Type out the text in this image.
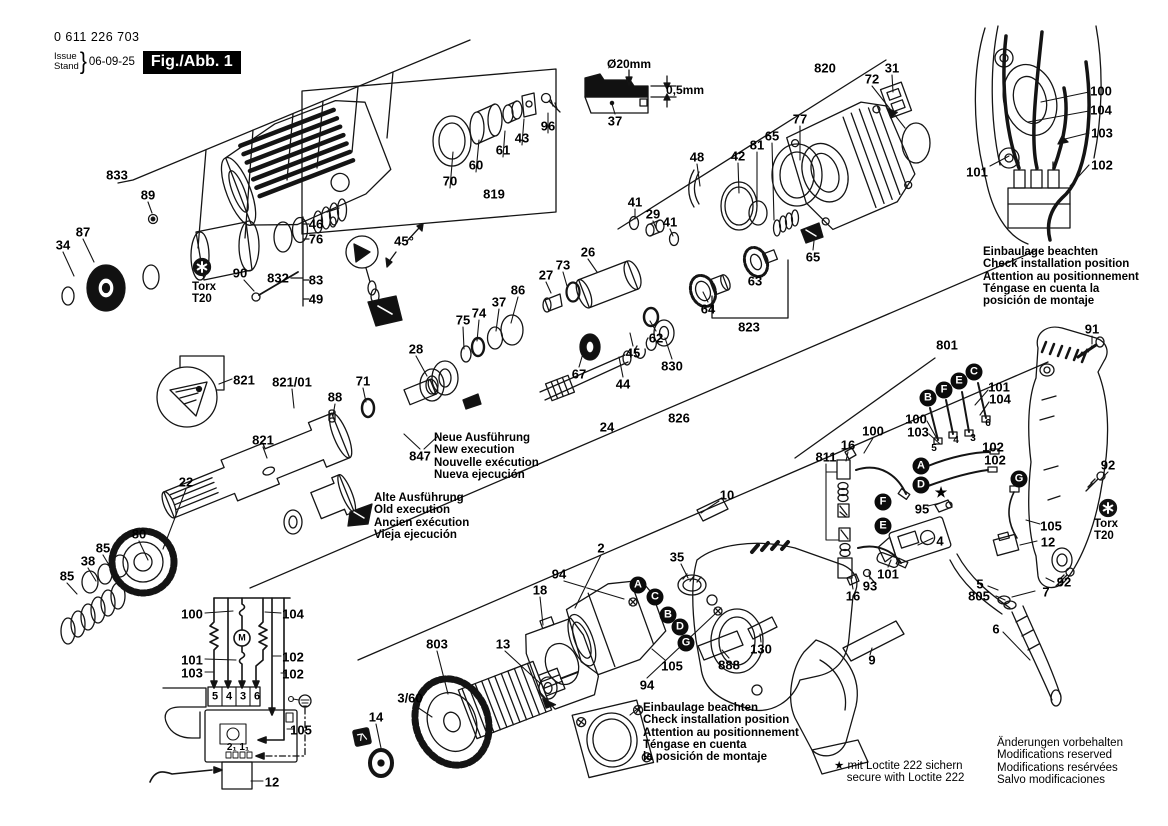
833
89
87
34
90 832
46
76
83
49
45°
70
60
61
43
96
819
37
Ø20mm
0,5mm
48 42
81
65
77
820
72
31
41
29
41
26
73
27
86
37
74
75
28
63
64
65
823
62
830
45
67
44
24
826
821 821/01
88
71
821
847
22
80
85
38
85
91
801
100
103
101
104
102
102
95
16
100
811
4
101
93
16
105
12
92
92
5
805	7
6
10
2
35
18
94
803	13
3/60
14
94
105	888
130
9
★
100
104
103
102
101
100	104
101
103
102
102
105
12
M
5 4 3 6
2₁ 1₁
5
4 3
6
A
C
B
D
G
B
F
E
C
A
D
F
E
G
Einbaulage beachten
Check installation position
Attention au positionnement
Téngase en cuenta la
posición de montaje
Neue Ausführung
New execution
Nouvelle exécution
Nueva ejecución
Alte Ausführung
Old execution
Ancien exécution
Vieja ejecución
Einbaulage beachten
Check installation position
Attention au positionnement
Téngase en cuenta
la posición de montaje
★ mit Loctite 222 sichern
secure with Loctite 222
Änderungen vorbehalten
Modifications reserved
Modifications resérvées
Salvo modificaciones
Torx
T20
Torx
T20
0 611 226 703
Issue
Stand } 06-09-25	Fig./Abb. 1
